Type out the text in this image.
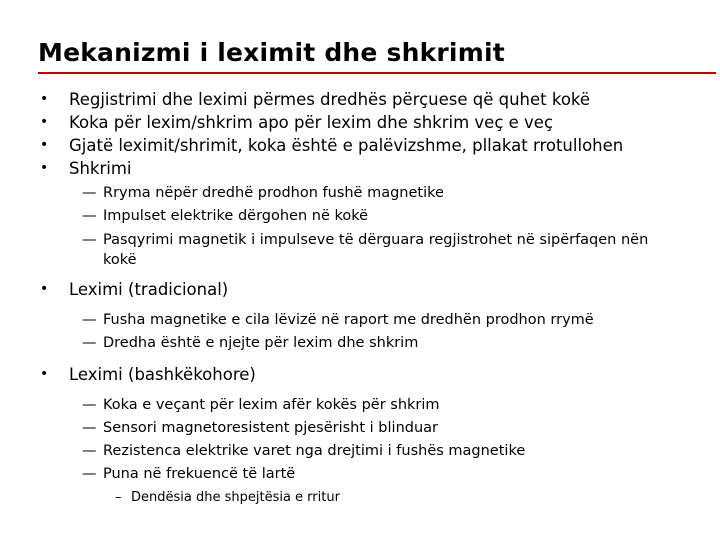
Mekanizmi i leximit dhe shkrimit
• Regjistrimi dhe leximi përmes dredhës përçuese që quhet kokë
• Koka për lexim/shkrim apo për lexim dhe shkrim veç e veç
• Gjatë leximit/shrimit, koka është e palëvizshme, pllakat rrotullohen
• Shkrimi
— Rryma nëpër dredhë prodhon fushë magnetike
— Impulset elektrike dërgohen në kokë
— Pasqyrimi magnetik i impulseve të dërguara regjistrohet në sipërfaqen nën kokë
• Leximi (tradicional)
— Fusha magnetike e cila lëvizë në raport me dredhën prodhon rrymë
— Dredha është e njejte për lexim dhe shkrim
• Leximi (bashkëkohore)
— Koka e veçant për lexim afër kokës për shkrim
— Sensori magnetoresistent pjesërisht i blinduar
— Rezistenca elektrike varet nga drejtimi i fushës magnetike
— Puna në frekuencë të lartë
– Dendësia dhe shpejtësia e rritur
